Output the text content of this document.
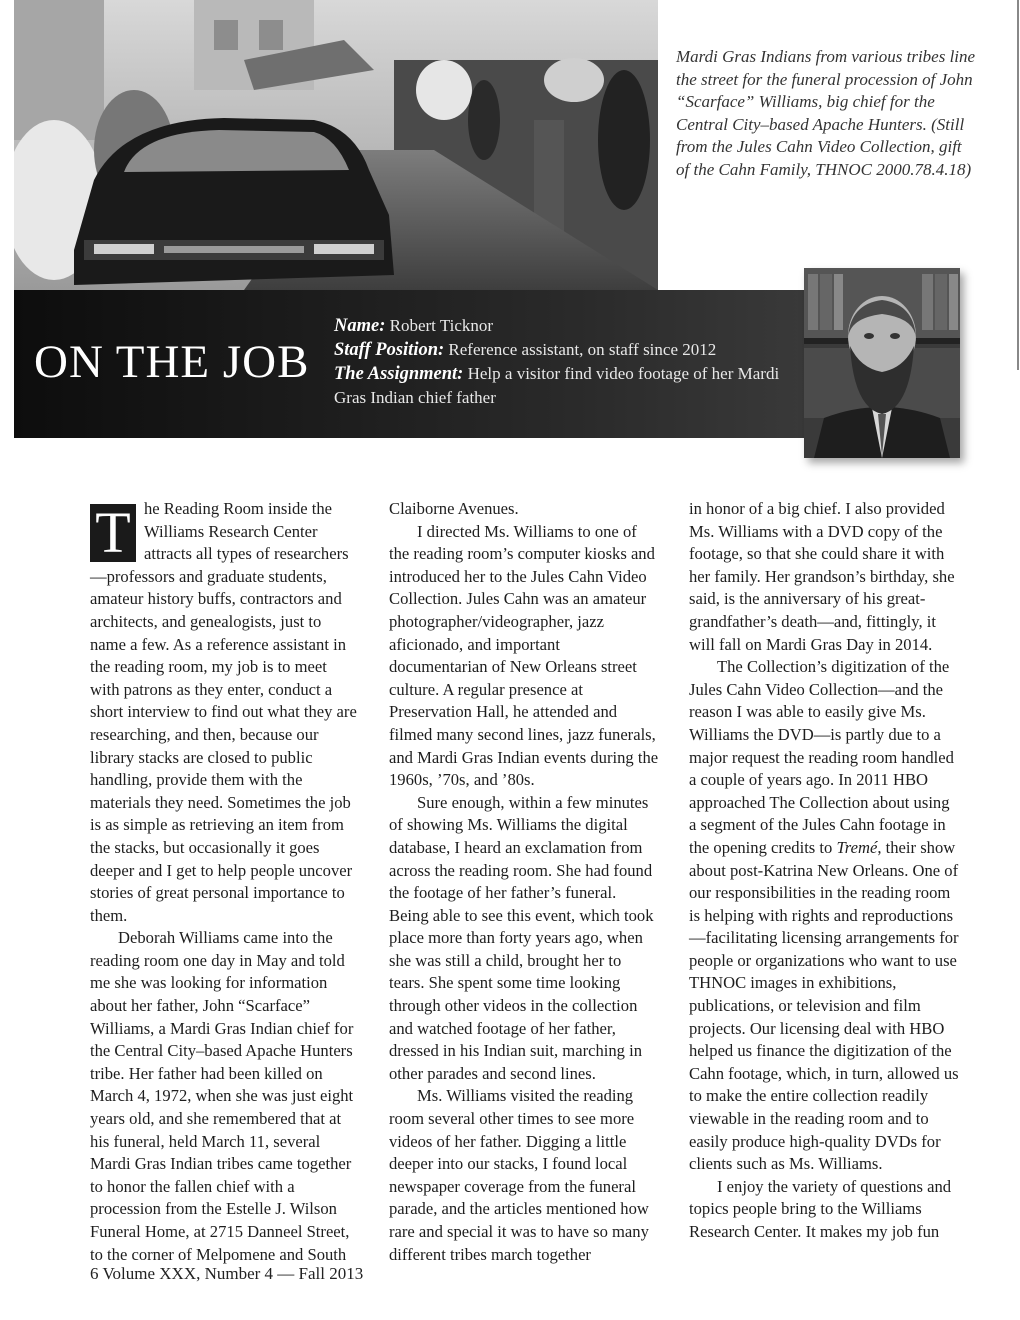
Mardi Gras Indians from various tribes line the street for the funeral procession of John “Scarface” Williams, big chief for the Central City–based Apache Hunters. (Still from the Jules Cahn Video Collection, gift of the Cahn Family, THNOC 2000.78.4.18)
ON THE JOB

Name: Robert Ticknor

Staff Position: Reference assistant, on staff since 2012

The Assignment: Help a visitor find video footage of her Mardi Gras Indian chief father

T he Reading Room inside the Williams Research Center attracts all types of researchers—professors and graduate students, amateur history buffs, contractors and architects, and genealogists, just to name a few. As a reference assistant in the reading room, my job is to meet with patrons as they enter, conduct a short interview to find out what they are researching, and then, because our library stacks are closed to public handling, provide them with the materials they need. Sometimes the job is as simple as retrieving an item from the stacks, but occasionally it goes deeper and I get to help people uncover stories of great personal importance to them.

Deborah Williams came into the reading room one day in May and told me she was looking for information about her father, John “Scarface” Williams, a Mardi Gras Indian chief for the Central City–based Apache Hunters tribe. Her father had been killed on March 4, 1972, when she was just eight years old, and she remembered that at his funeral, held March 11, several Mardi Gras Indian tribes came together to honor the fallen chief with a procession from the Estelle J. Wilson Funeral Home, at 2715 Danneel Street, to the corner of Melpomene and South

Claiborne Avenues.

I directed Ms. Williams to one of the reading room’s computer kiosks and introduced her to the Jules Cahn Video Collection. Jules Cahn was an amateur photographer/videographer, jazz aficionado, and important documentarian of New Orleans street culture. A regular presence at Preservation Hall, he attended and filmed many second lines, jazz funerals, and Mardi Gras Indian events during the 1960s, ’70s, and ’80s.

Sure enough, within a few minutes of showing Ms. Williams the digital database, I heard an exclamation from across the reading room. She had found the footage of her father’s funeral. Being able to see this event, which took place more than forty years ago, when she was still a child, brought her to tears. She spent some time looking through other videos in the collection and watched footage of her father, dressed in his Indian suit, marching in other parades and second lines.

Ms. Williams visited the reading room several other times to see more videos of her father. Digging a little deeper into our stacks, I found local newspaper coverage from the funeral parade, and the articles mentioned how rare and special it was to have so many different tribes march together

in honor of a big chief. I also provided Ms. Williams with a DVD copy of the footage, so that she could share it with her family. Her grandson’s birthday, she said, is the anniversary of his great-grandfather’s death—and, fittingly, it will fall on Mardi Gras Day in 2014.

The Collection’s digitization of the Jules Cahn Video Collection—and the reason I was able to easily give Ms. Williams the DVD—is partly due to a major request the reading room handled a couple of years ago. In 2011 HBO approached The Collection about using a segment of the Jules Cahn footage in the opening credits to Tremé, their show about post-Katrina New Orleans. One of our responsibilities in the reading room is helping with rights and reproductions—facilitating licensing arrangements for people or organizations who want to use THNOC images in exhibitions, publications, or television and film projects. Our licensing deal with HBO helped us finance the digitization of the Cahn footage, which, in turn, allowed us to make the entire collection readily viewable in the reading room and to easily produce high-quality DVDs for clients such as Ms. Williams.

I enjoy the variety of questions and topics people bring to the Williams Research Center. It makes my job fun

6 Volume XXX, Number 4 — Fall 2013
